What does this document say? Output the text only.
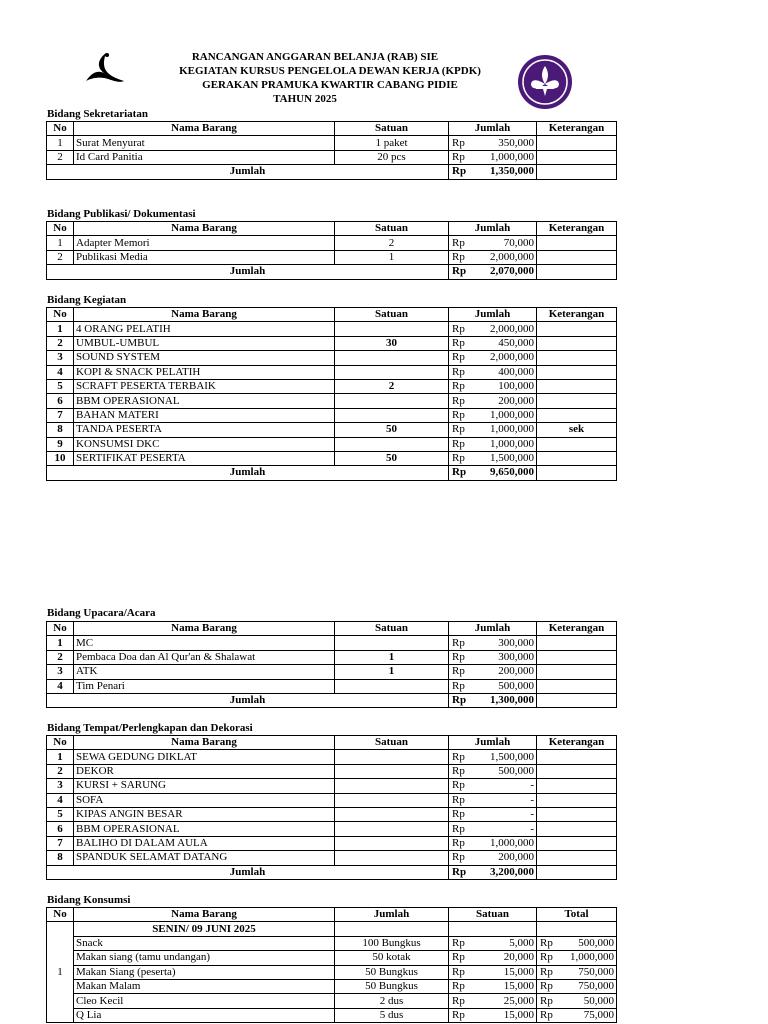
RANCANGAN ANGGARAN BELANJA (RAB) SIE
KEGIATAN KURSUS PENGELOLA DEWAN KERJA (KPDK)
GERAKAN PRAMUKA KWARTIR CABANG PIDIE
TAHUN 2025
Bidang Sekretariatan
No	Nama Barang	Satuan	Jumlah		Keterangan
1	Surat Menyurat	1 paket	Rp	350,000	
2	Id Card Panitia	20 pcs	Rp	1,000,000	
Jumlah			Rp	1,350,000	
Bidang Publikasi/ Dokumentasi
No	Nama Barang	Satuan	Jumlah		Keterangan
1	Adapter Memori	2	Rp	70,000	
2	Publikasi Media	1	Rp	2,000,000	
Jumlah			Rp	2,070,000	
Bidang Kegiatan
No	Nama Barang	Satuan	Jumlah		Keterangan
1	4 ORANG PELATIH		Rp	2,000,000	
2	UMBUL-UMBUL	30	Rp	450,000	
3	SOUND SYSTEM		Rp	2,000,000	
4	KOPI & SNACK PELATIH		Rp	400,000	
5	SCRAFT PESERTA TERBAIK	2	Rp	100,000	
6	BBM OPERASIONAL		Rp	200,000	
7	BAHAN MATERI		Rp	1,000,000	
8	TANDA PESERTA	50	Rp	1,000,000	sek
9	KONSUMSI DKC		Rp	1,000,000	
10	SERTIFIKAT PESERTA	50	Rp	1,500,000	
Jumlah			Rp	9,650,000	
Bidang Upacara/Acara
No	Nama Barang	Satuan	Jumlah		Keterangan
1	MC		Rp	300,000	
2	Pembaca Doa dan Al Qur'an & Shalawat	1	Rp	300,000	
3	ATK	1	Rp	200,000	
4	Tim Penari		Rp	500,000	
Jumlah			Rp	1,300,000	
Bidang Tempat/Perlengkapan dan Dekorasi
No	Nama Barang	Satuan	Jumlah		Keterangan
1	SEWA GEDUNG DIKLAT		Rp	1,500,000	
2	DEKOR		Rp	500,000	
3	KURSI + SARUNG		Rp	-	
4	SOFA		Rp	-	
5	KIPAS ANGIN BESAR		Rp	-	
6	BBM OPERASIONAL		Rp	-	
7	BALIHO DI DALAM AULA		Rp	1,000,000	
8	SPANDUK SELAMAT DATANG		Rp	200,000	
Jumlah			Rp	3,200,000	
Bidang Konsumsi
No	Nama Barang	Jumlah	Satuan		Total	
1	SENIN/ 09 JUNI 2025					
	Snack	100 Bungkus	Rp	5,000	Rp	500,000
	Makan siang (tamu undangan)	50 kotak	Rp	20,000	Rp	1,000,000
	Makan Siang (peserta)	50 Bungkus	Rp	15,000	Rp	750,000
	Makan Malam	50 Bungkus	Rp	15,000	Rp	750,000
	Cleo Kecil	2 dus	Rp	25,000	Rp	50,000
	Q Lia	5 dus	Rp	15,000	Rp	75,000
